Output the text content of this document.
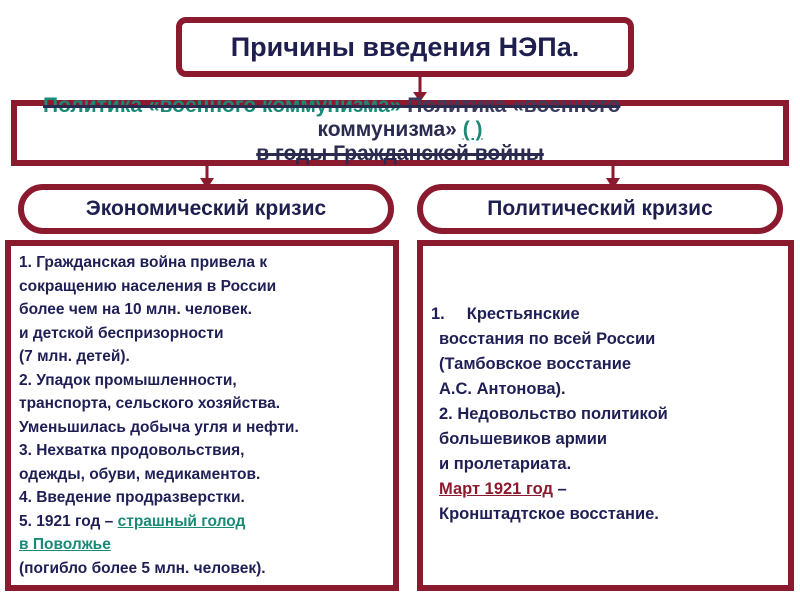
Причины введения НЭПа.
Политика «военного коммунизма» Политика «военного
коммунизма» ( )
в годы Гражданской войны
Экономический кризис	Политический кризис
1. Гражданская война привела к
сокращению населения в России
более чем на 10 млн. человек.
и детской беспризорности
(7 млн. детей).
2. Упадок промышленности,
транспорта, сельского хозяйства.
Уменьшилась добыча угля и нефти.
3. Нехватка продовольствия,
одежды, обуви, медикаментов.
4. Введение продразверстки.
5. 1921 год – страшный голод
в Поволжье
(погибло более 5 млн. человек).
1. Крестьянские
восстания по всей России
(Тамбовское восстание
А.С. Антонова).
2. Недовольство политикой
большевиков армии
и пролетариата.
Март 1921 год –
Кронштадтское восстание.
